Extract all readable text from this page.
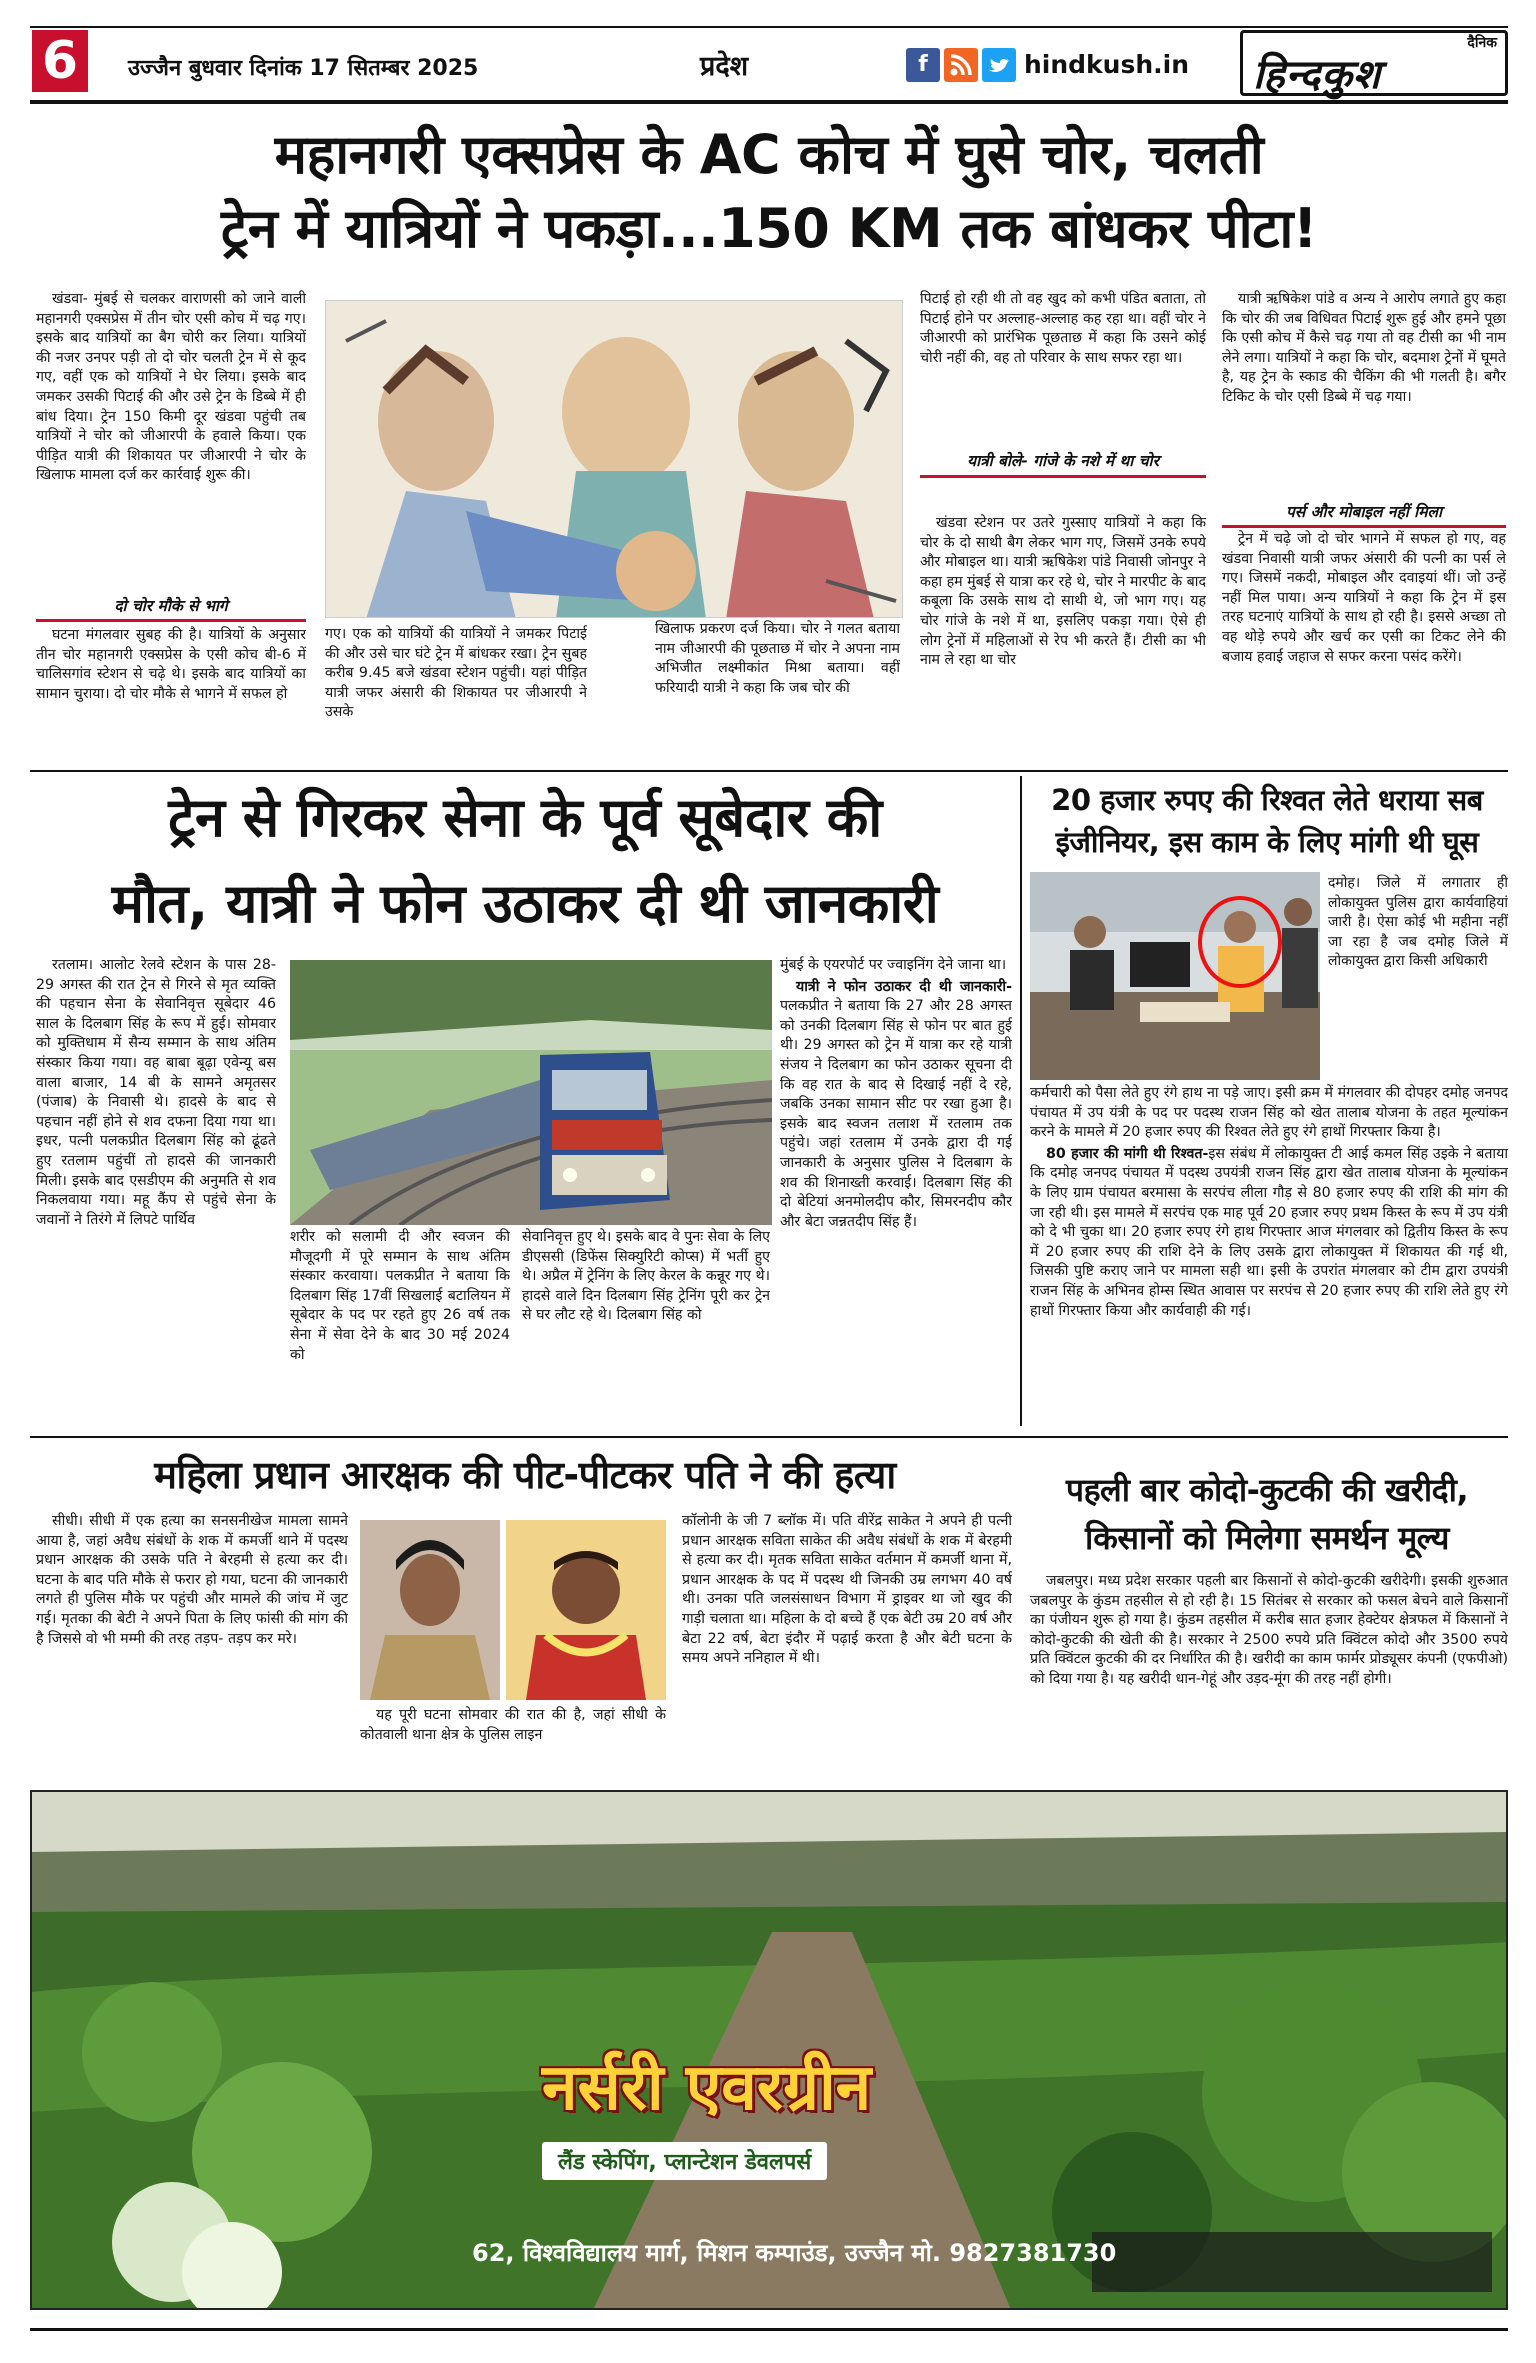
6	उज्जैन बुधवार दिनांक 17 सितम्बर 2025	प्रदेश	f	hindkush.in
दैनिक
हिन्दकुश
महानगरी एक्सप्रेस के AC कोच में घुसे चोर, चलती
ट्रेन में यात्रियों ने पकड़ा...150 KM तक बांधकर पीटा!

खंडवा- मुंबई से चलकर वाराणसी को जाने वाली महानगरी एक्सप्रेस में तीन चोर एसी कोच में चढ़ गए। इसके बाद यात्रियों का बैग चोरी कर लिया। यात्रियों की नजर उनपर पड़ी तो दो चोर चलती ट्रेन में से कूद गए, वहीं एक को यात्रियों ने घेर लिया। इसके बाद जमकर उसकी पिटाई की और उसे ट्रेन के डिब्बे में ही बांध दिया। ट्रेन 150 किमी दूर खंडवा पहुंची तब यात्रियों ने चोर को जीआरपी के हवाले किया। एक पीड़ित यात्री की शिकायत पर जीआरपी ने चोर के खिलाफ मामला दर्ज कर कार्रवाई शुरू की।

दो चोर मौके से भागे

घटना मंगलवार सुबह की है। यात्रियों के अनुसार तीन चोर महानगरी एक्सप्रेस के एसी कोच बी-6 में चालिसगांव स्टेशन से चढ़े थे। इसके बाद यात्रियों का सामान चुराया। दो चोर मौके से भागने में सफल हो

गए। एक को यात्रियों की यात्रियों ने जमकर पिटाई की और उसे चार घंटे ट्रेन में बांधकर रखा। ट्रेन सुबह करीब 9.45 बजे खंडवा स्टेशन पहुंची। यहां पीड़ित यात्री जफर अंसारी की शिकायत पर जीआरपी ने उसके

खिलाफ प्रकरण दर्ज किया। चोर ने गलत बताया नाम जीआरपी की पूछताछ में चोर ने अपना नाम अभिजीत लक्ष्मीकांत मिश्रा बताया। वहीं फरियादी यात्री ने कहा कि जब चोर की

पिटाई हो रही थी तो वह खुद को कभी पंडित बताता, तो पिटाई होने पर अल्लाह-अल्लाह कह रहा था। वहीं चोर ने जीआरपी को प्रारंभिक पूछताछ में कहा कि उसने कोई चोरी नहीं की, वह तो परिवार के साथ सफर रहा था।

यात्री बोले- गांजे के नशे में था चोर

खंडवा स्टेशन पर उतरे गुस्साए यात्रियों ने कहा कि चोर के दो साथी बैग लेकर भाग गए, जिसमें उनके रुपये और मोबाइल था। यात्री ऋषिकेश पांडे निवासी जोनपुर ने कहा हम मुंबई से यात्रा कर रहे थे, चोर ने मारपीट के बाद कबूला कि उसके साथ दो साथी थे, जो भाग गए। यह चोर गांजे के नशे में था, इसलिए पकड़ा गया। ऐसे ही लोग ट्रेनों में महिलाओं से रेप भी करते हैं। टीसी का भी नाम ले रहा था चोर

यात्री ऋषिकेश पांडे व अन्य ने आरोप लगाते हुए कहा कि चोर की जब विधिवत पिटाई शुरू हुई और हमने पूछा कि एसी कोच में कैसे चढ़ गया तो वह टीसी का भी नाम लेने लगा। यात्रियों ने कहा कि चोर, बदमाश ट्रेनों में घूमते है, यह ट्रेन के स्काड की चैकिंग की भी गलती है। बगैर टिकिट के चोर एसी डिब्बे में चढ़ गया।

पर्स और मोबाइल नहीं मिला

ट्रेन में चढ़े जो दो चोर भागने में सफल हो गए, वह खंडवा निवासी यात्री जफर अंसारी की पत्नी का पर्स ले गए। जिसमें नकदी, मोबाइल और दवाइयां थीं। जो उन्हें नहीं मिल पाया। अन्य यात्रियों ने कहा कि ट्रेन में इस तरह घटनाएं यात्रियों के साथ हो रही है। इससे अच्छा तो वह थोड़े रुपये और खर्च कर एसी का टिकट लेने की बजाय हवाई जहाज से सफर करना पसंद करेंगे।

ट्रेन से गिरकर सेना के पूर्व सूबेदार की
मौत, यात्री ने फोन उठाकर दी थी जानकारी

रतलाम। आलोट रेलवे स्टेशन के पास 28-29 अगस्त की रात ट्रेन से गिरने से मृत व्यक्ति की पहचान सेना के सेवानिवृत्त सूबेदार 46 साल के दिलबाग सिंह के रूप में हुई। सोमवार को मुक्तिधाम में सैन्य सम्मान के साथ अंतिम संस्कार किया गया। वह बाबा बूढ़ा एवेन्यू बस वाला बाजार, 14 बी के सामने अमृतसर (पंजाब) के निवासी थे। हादसे के बाद से पहचान नहीं होने से शव दफना दिया गया था। इधर, पत्नी पलकप्रीत दिलबाग सिंह को ढूंढते हुए रतलाम पहुंचीं तो हादसे की जानकारी मिली। इसके बाद एसडीएम की अनुमति से शव निकलवाया गया। महू कैंप से पहुंचे सेना के जवानों ने तिरंगे में लिपटे पार्थिव

शरीर को सलामी दी और स्वजन की मौजूदगी में पूरे सम्मान के साथ अंतिम संस्कार करवाया। पलकप्रीत ने बताया कि दिलबाग सिंह 17वीं सिखलाई बटालियन में सूबेदार के पद पर रहते हुए 26 वर्ष तक सेना में सेवा देने के बाद 30 मई 2024 को

सेवानिवृत्त हुए थे। इसके बाद वे पुनः सेवा के लिए डीएससी (डिफेंस सिक्युरिटी कोप्स) में भर्ती हुए थे। अप्रैल में ट्रेनिंग के लिए केरल के कन्नूर गए थे। हादसे वाले दिन दिलबाग सिंह ट्रेनिंग पूरी कर ट्रेन से घर लौट रहे थे। दिलबाग सिंह को

मुंबई के एयरपोर्ट पर ज्वाइनिंग देने जाना था।

यात्री ने फोन उठाकर दी थी जानकारी-पलकप्रीत ने बताया कि 27 और 28 अगस्त को उनकी दिलबाग सिंह से फोन पर बात हुई थी। 29 अगस्त को ट्रेन में यात्रा कर रहे यात्री संजय ने दिलबाग का फोन उठाकर सूचना दी कि वह रात के बाद से दिखाई नहीं दे रहे, जबकि उनका सामान सीट पर रखा हुआ है। इसके बाद स्वजन तलाश में रतलाम तक पहुंचे। जहां रतलाम में उनके द्वारा दी गई जानकारी के अनुसार पुलिस ने दिलबाग के शव की शिनाख्ती करवाई। दिलबाग सिंह की दो बेटियां अनमोलदीप कौर, सिमरनदीप कौर और बेटा जन्नतदीप सिंह हैं।

20 हजार रुपए की रिश्वत लेते धराया सब
इंजीनियर, इस काम के लिए मांगी थी घूस

दमोह। जिले में लगातार ही लोकायुक्त पुलिस द्वारा कार्यवाहियां जारी है। ऐसा कोई भी महीना नहीं जा रहा है जब दमोह जिले में लोकायुक्त द्वारा किसी अधिकारी

कर्मचारी को पैसा लेते हुए रंगे हाथ ना पड़े जाए। इसी क्रम में मंगलवार की दोपहर दमोह जनपद पंचायत में उप यंत्री के पद पर पदस्थ राजन सिंह को खेत तालाब योजना के तहत मूल्यांकन करने के मामले में 20 हजार रुपए की रिश्वत लेते हुए रंगे हाथों गिरफ्तार किया है।

80 हजार की मांगी थी रिश्वत-इस संबंध में लोकायुक्त टी आई कमल सिंह उइके ने बताया कि दमोह जनपद पंचायत में पदस्थ उपयंत्री राजन सिंह द्वारा खेत तालाब योजना के मूल्यांकन के लिए ग्राम पंचायत बरमासा के सरपंच लीला गौड़ से 80 हजार रुपए की राशि की मांग की जा रही थी। इस मामले में सरपंच एक माह पूर्व 20 हजार रुपए प्रथम किस्त के रूप में उप यंत्री को दे भी चुका था। 20 हजार रुपए रंगे हाथ गिरफ्तार आज मंगलवार को द्वितीय किस्त के रूप में 20 हजार रुपए की राशि देने के लिए उसके द्वारा लोकायुक्त में शिकायत की गई थी, जिसकी पुष्टि कराए जाने पर मामला सही था। इसी के उपरांत मंगलवार को टीम द्वारा उपयंत्री राजन सिंह के अभिनव होम्स स्थित आवास पर सरपंच से 20 हजार रुपए की राशि लेते हुए रंगे हाथों गिरफ्तार किया और कार्यवाही की गई।

महिला प्रधान आरक्षक की पीट-पीटकर पति ने की हत्या

सीधी। सीधी में एक हत्या का सनसनीखेज मामला सामने आया है, जहां अवैध संबंधों के शक में कमर्जी थाने में पदस्थ प्रधान आरक्षक की उसके पति ने बेरहमी से हत्या कर दी। घटना के बाद पति मौके से फरार हो गया, घटना की जानकारी लगते ही पुलिस मौके पर पहुंची और मामले की जांच में जुट गई। मृतका की बेटी ने अपने पिता के लिए फांसी की मांग की है जिससे वो भी मम्मी की तरह तड़प- तड़प कर मरे।

यह पूरी घटना सोमवार की रात की है, जहां सीधी के कोतवाली थाना क्षेत्र के पुलिस लाइन

कॉलोनी के जी 7 ब्लॉक में। पति वीरेंद्र साकेत ने अपने ही पत्नी प्रधान आरक्षक सविता साकेत की अवैध संबंधों के शक में बेरहमी से हत्या कर दी। मृतक सविता साकेत वर्तमान में कमर्जी थाना में, प्रधान आरक्षक के पद में पदस्थ थी जिनकी उम्र लगभग 40 वर्ष थी। उनका पति जलसंसाधन विभाग में ड्राइवर था जो खुद की गाड़ी चलाता था। महिला के दो बच्चे हैं एक बेटी उम्र 20 वर्ष और बेटा 22 वर्ष, बेटा इंदौर में पढ़ाई करता है और बेटी घटना के समय अपने ननिहाल में थी।

पहली बार कोदो-कुटकी की खरीदी,
किसानों को मिलेगा समर्थन मूल्य

जबलपुर। मध्य प्रदेश सरकार पहली बार किसानों से कोदो-कुटकी खरीदेगी। इसकी शुरुआत जबलपुर के कुंडम तहसील से हो रही है। 15 सितंबर से सरकार को फसल बेचने वाले किसानों का पंजीयन शुरू हो गया है। कुंडम तहसील में करीब सात हजार हेक्टेयर क्षेत्रफल में किसानों ने कोदो-कुटकी की खेती की है। सरकार ने 2500 रुपये प्रति क्विंटल कोदो और 3500 रुपये प्रति क्विंटल कुटकी की दर निर्धारित की है। खरीदी का काम फार्मर प्रोड्यूसर कंपनी (एफपीओ) को दिया गया है। यह खरीदी धान-गेहूं और उड़द-मूंग की तरह नहीं होगी।

नर्सरी एवरग्रीन
लैंड स्केपिंग, प्लान्टेशन डेवलपर्स
62, विश्वविद्यालय मार्ग, मिशन कम्पाउंड, उज्जैन मो. 9827381730
